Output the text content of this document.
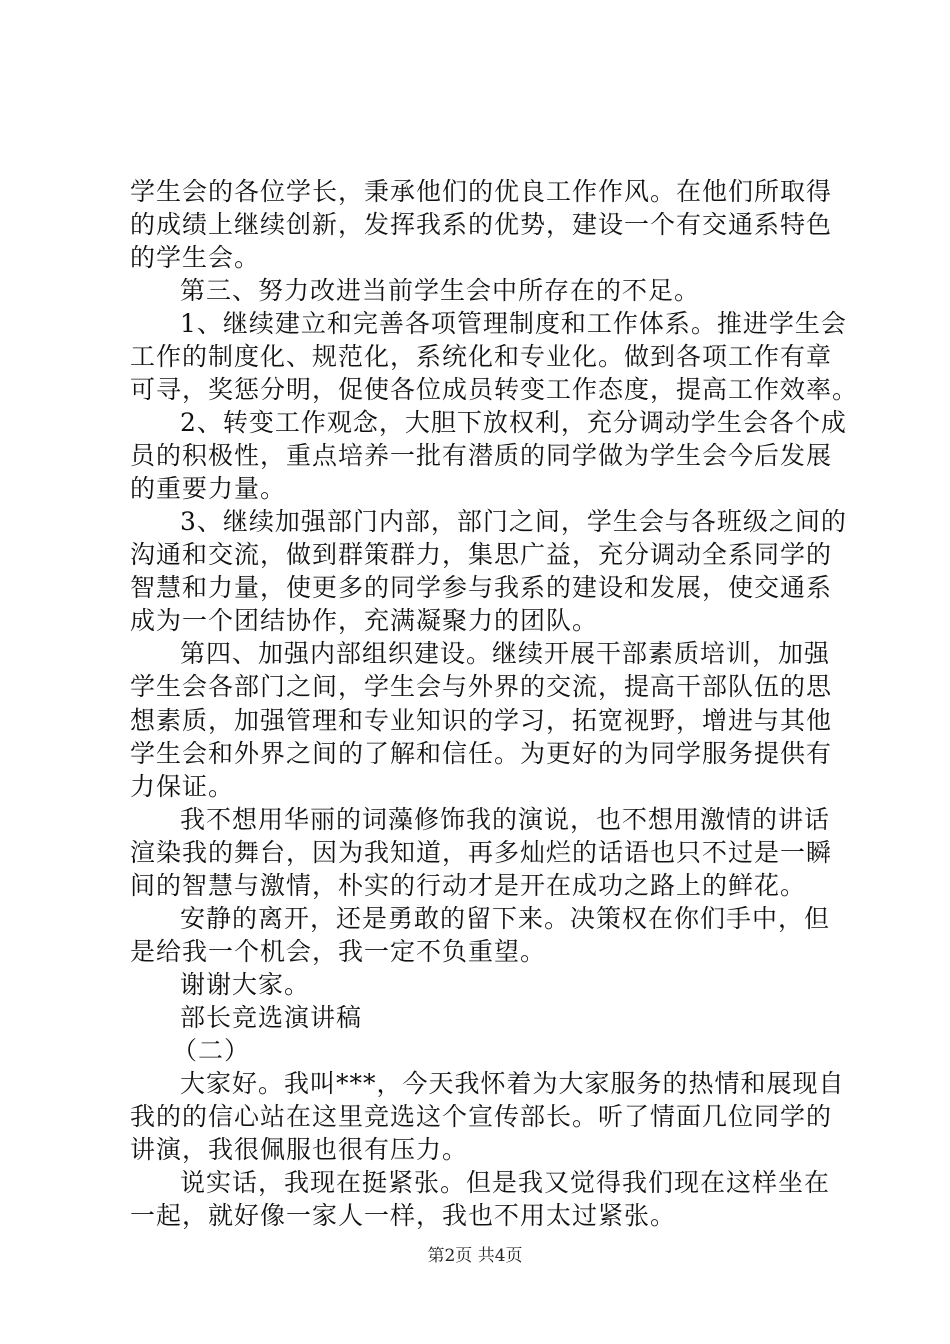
学生会的各位学长，秉承他们的优良工作作风。在他们所取得
的成绩上继续创新，发挥我系的优势，建设一个有交通系特色
的学生会。
第三、努力改进当前学生会中所存在的不足。
1、继续建立和完善各项管理制度和工作体系。推进学生会
工作的制度化、规范化，系统化和专业化。做到各项工作有章
可寻，奖惩分明，促使各位成员转变工作态度，提高工作效率。
2、转变工作观念，大胆下放权利，充分调动学生会各个成
员的积极性，重点培养一批有潜质的同学做为学生会今后发展
的重要力量。
3、继续加强部门内部，部门之间，学生会与各班级之间的
沟通和交流，做到群策群力，集思广益，充分调动全系同学的
智慧和力量，使更多的同学参与我系的建设和发展，使交通系
成为一个团结协作，充满凝聚力的团队。
第四、加强内部组织建设。继续开展干部素质培训，加强
学生会各部门之间，学生会与外界的交流，提高干部队伍的思
想素质，加强管理和专业知识的学习，拓宽视野，增进与其他
学生会和外界之间的了解和信任。为更好的为同学服务提供有
力保证。
我不想用华丽的词藻修饰我的演说，也不想用激情的讲话
渲染我的舞台，因为我知道，再多灿烂的话语也只不过是一瞬
间的智慧与激情，朴实的行动才是开在成功之路上的鲜花。
安静的离开，还是勇敢的留下来。决策权在你们手中，但
是给我一个机会，我一定不负重望。
谢谢大家。
部长竞选演讲稿
（二）
大家好。我叫***，今天我怀着为大家服务的热情和展现自
我的的信心站在这里竞选这个宣传部长。听了情面几位同学的
讲演，我很佩服也很有压力。
说实话，我现在挺紧张。但是我又觉得我们现在这样坐在
一起，就好像一家人一样，我也不用太过紧张。
第2页 共4页
